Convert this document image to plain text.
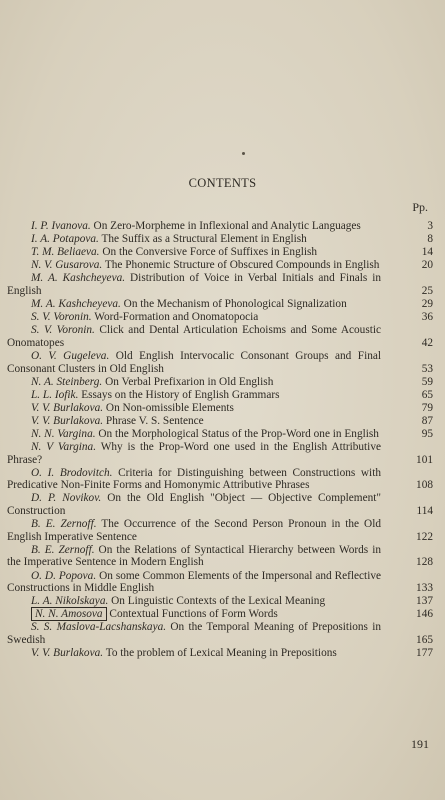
CONTENTS
Pp.
I. P. Ivanova. On Zero-Morpheme in Inflexional and Analytic Languages	3
I. A. Potapova. The Suffix as a Structural Element in English	8
T. M. Beliaeva. On the Conversive Force of Suffixes in English	14
N. V. Gusarova. The Phonemic Structure of Obscured Compounds in English	20
M. A. Kashcheyeva. Distribution of Voice in Verbal Initials and Finals in English	25
M. A. Kashcheyeva. On the Mechanism of Phonological Signalization	29
S. V. Voronin. Word-Formation and Onomatopocia	36
S. V. Voronin. Click and Dental Articulation Echoisms and Some Acoustic Onomatopes	42
O. V. Gugeleva. Old English Intervocalic Consonant Groups and Final Consonant Clusters in Old English	53
N. A. Steinberg. On Verbal Prefixarion in Old English	59
L. L. Iofik. Essays on the History of English Grammars	65
V. V. Burlakova. On Non-omissible Elements	79
V. V. Burlakova. Phrase V. S. Sentence	87
N. N. Vargina. On the Morphological Status of the Prop-Word one in English	95
N. V Vargina. Why is the Prop-Word one used in the English Attributive Phrase?	101
O. I. Brodovitch. Criteria for Distinguishing between Constructions with Predicative Non-Finite Forms and Homonymic Attributive Phrases	108
D. P. Novikov. On the Old English "Object — Objective Complement" Construction	114
B. E. Zernoff. The Occurrence of the Second Person Pronoun in the Old English Imperative Sentence	122
B. E. Zernoff. On the Relations of Syntactical Hierarchy between Words in the Imperative Sentence in Modern English	128
O. D. Popova. On some Common Elements of the Impersonal and Reflective Constructions in Middle English	133
L. A. Nikolskaya. On Linguistic Contexts of the Lexical Meaning	137
N. N. Amosova Contextual Functions of Form Words	146
S. S. Maslova-Lacshanskaya. On the Temporal Meaning of Prepositions in Swedish	165
V. V. Burlakova. To the problem of Lexical Meaning in Prepositions	177
191
